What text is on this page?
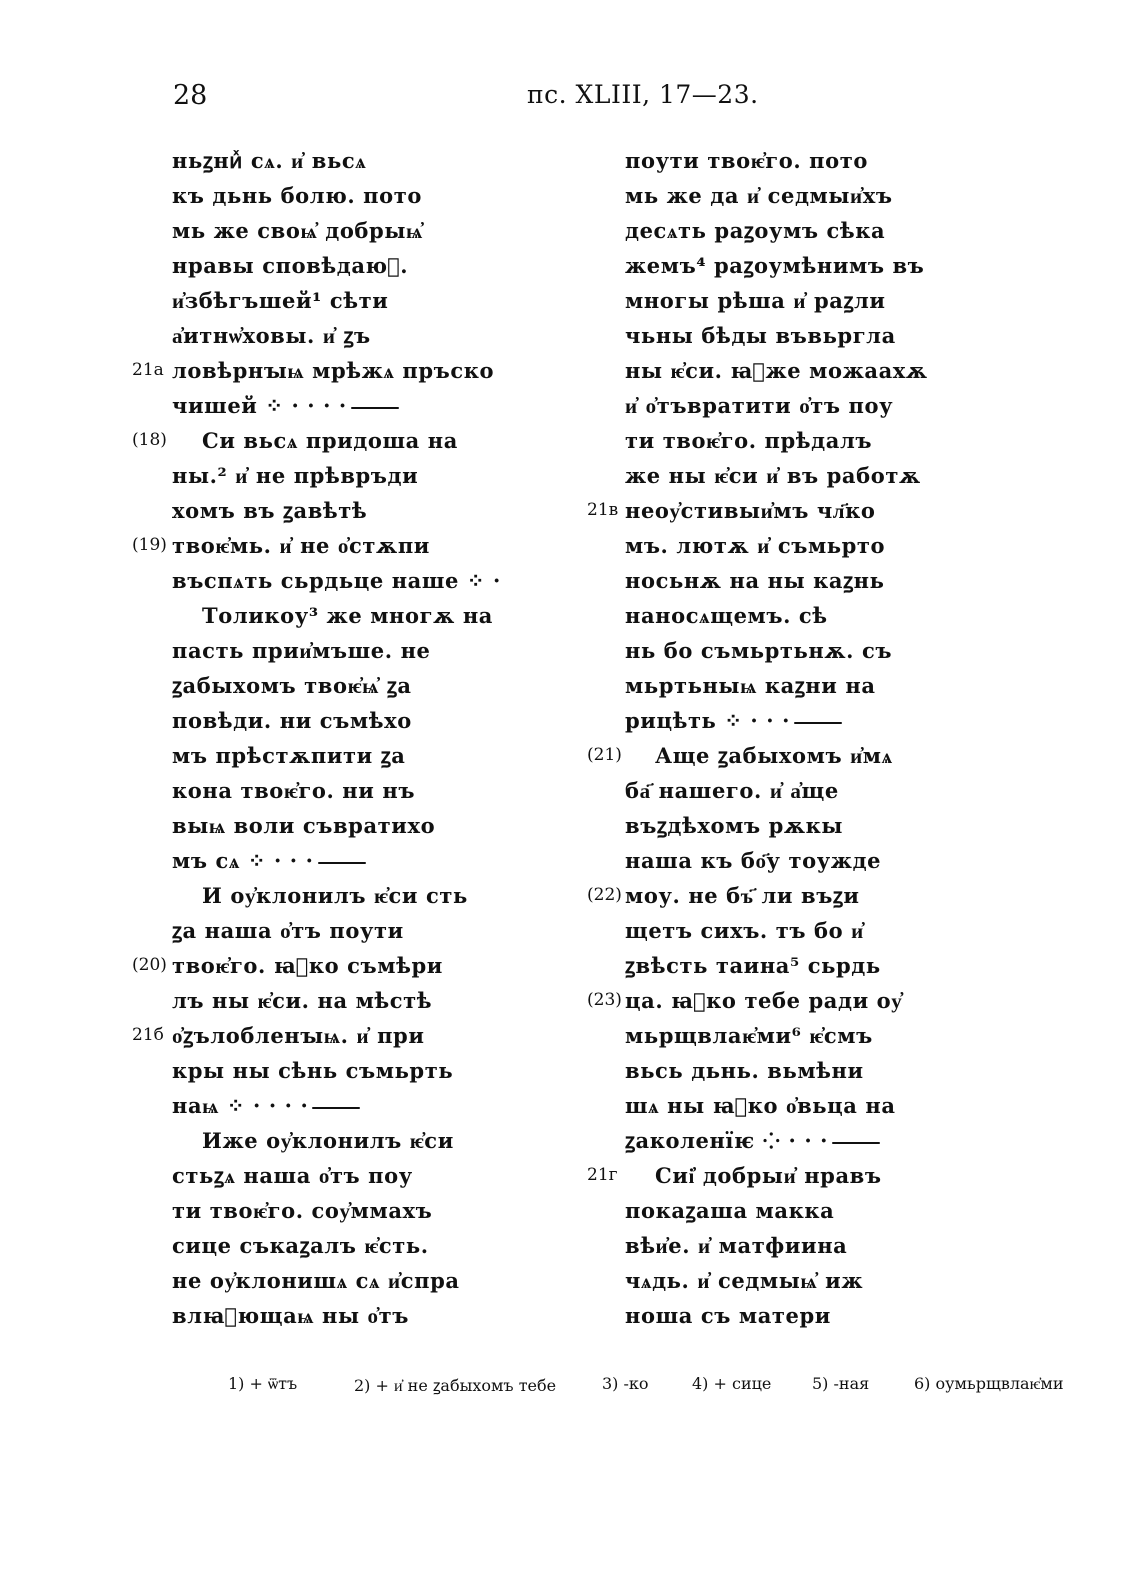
28	пс. XLIII, 17—23.
ньꙁниⷯ сѧ. и҆ вьсѧ
къ дьнь болю. пото
мь же своѩ҆ добрыѩ҆
нравы сповѣдаюⷮ.
и҆збѣгъшей¹ сѣти
а҆итнѡ҆ховы. и҆ ꙁъ
21а ловѣрнꙑѩ мрѣжѧ пръско
чишей ⁘ · · · ·
(18) Си вьсѧ придоша на
ны.² и҆ не прѣвръди
хомъ въ ꙁавѣтѣ
(19) твоѥ҆мь. и҆ не о҆стѫпи
въспѧть сьрдьце наше ⁘ ·
Толикоу³ же многѫ на
пасть прии҆мъше. не
ꙁабыхомъ твоѥ҆ѩ҆ ꙁа
повѣди. ни съмѣхо
мъ прѣстѫпити ꙁа
кона твоѥ҆го. ни нъ
выѩ воли съвратихо
мъ сѧ ⁘ · · ·
И оу҆клонилъ ѥ҆си сть
ꙁа наша о҆тъ поути
(20) твоѥ҆го. ꙗ҆ко съмѣри
лъ ны ѥ҆си. на мѣстѣ
21б о҆ꙁълобленꙑѩ. и҆ при
кры ны сѣнь съмьрть
наѩ ⁘ · · · ·
Иже оу҆клонилъ ѥ҆си
стьꙁѧ наша о҆тъ поу
ти твоѥ҆го. соу҆ммахъ
сице съкаꙁалъ ѥ҆сть.
не оу҆клонишѧ сѧ и҆спра
влꙗ҆ющаѩ ны о҆тъ
поути твоѥ҆го. пото
мь же да и҆ седмыи҆хъ
десѧть раꙁоумъ сѣка
жемъ⁴ раꙁоумѣнимъ въ
многы рѣша и҆ раꙁли
чьны бѣды въвьргла
ны ѥ҆си. ꙗ҆же можаахѫ
и҆ о҆тъвратити о҆тъ поу
ти твоѥ҆го. прѣдалъ
же ны ѥ҆си и҆ въ работѫ
21в неоу҆стивыи҆мъ чл҃ко
мъ. лютѫ и҆ съмьрто
носьнѫ на ны каꙁнь
наносѧщемъ. сѣ
нь бо съмьртьнѫ. съ
мьртьныѩ каꙁни на
рицѣть ⁘ · · ·
(21) Аще ꙁабыхомъ и҆мѧ
ба҃ нашего. и҆ а҆ще
въꙁдѣхомъ рѫкы
наша къ бо҃у тоуждe
(22) моу. не бъ҃ ли въꙁи
щетъ сихъ. тъ бо и҆
ꙁвѣсть таина⁵ сьрдь
(23) ца. ꙗ҆ко тебе ради оу҆
мьрщвлаѥ҆ми⁶ ѥ҆смъ
вьсь дьнь. вьмѣни
шѧ ны ꙗ҆ко о҆вьца на
ꙁаколенїѥ ⁘ · · ·
21г	Сиі҆ добрыи҆ нравъ
покаꙁаша макка
вѣи҆е. и҆ матфиина
чѧдь. и҆ седмыѩ҆ иж
ноша съ матери
1) + ѿтъ	2) + и҆ не ꙁабыхомъ тебе	3) -ко	4) + сице	5) -ная	6) оумьрщвлаѥ҆ми
